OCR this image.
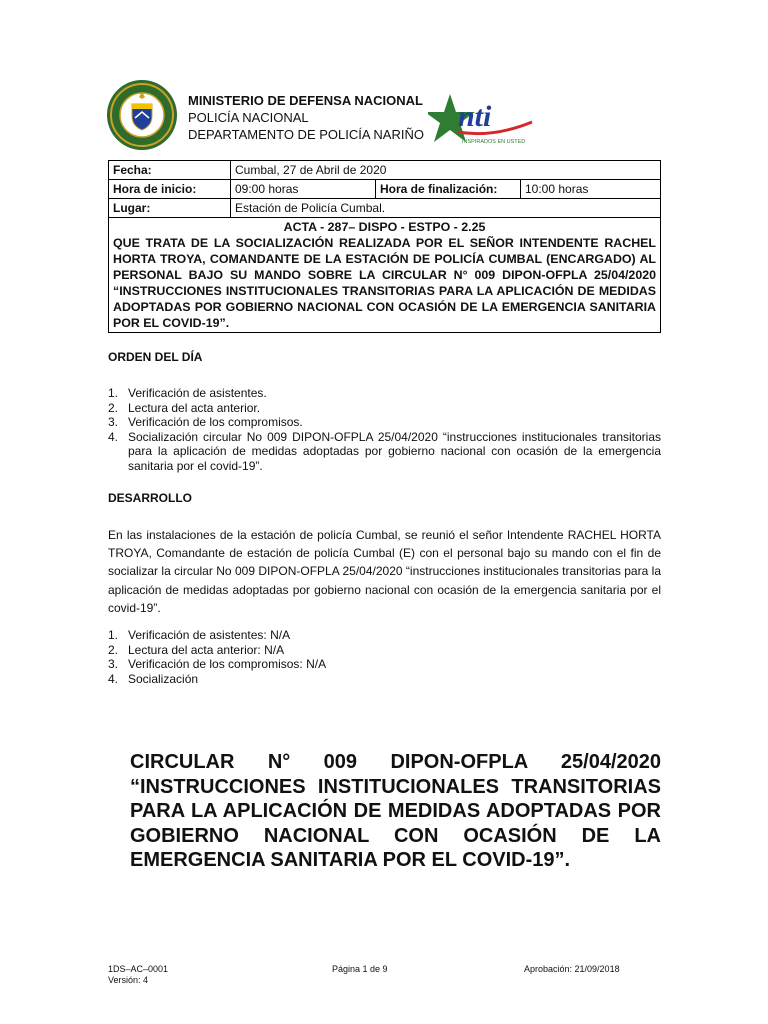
MINISTERIO DE DEFENSA NACIONAL
POLICÍA NACIONAL
DEPARTAMENTO DE POLICÍA NARIÑO
nti
INSPIRADOS EN USTED
Fecha:	Cumbal, 27 de Abril de 2020		
Hora de inicio:	09:00 horas	Hora de finalización:	10:00 horas
Lugar:	Estación de Policía Cumbal.		

ACTA - 287– DISPO - ESTPO - 2.25
QUE TRATA DE LA SOCIALIZACIÓN REALIZADA POR EL SEÑOR INTENDENTE RACHEL HORTA TROYA, COMANDANTE DE LA ESTACIÓN DE POLICÍA CUMBAL (ENCARGADO) AL PERSONAL BAJO SU MANDO SOBRE LA CIRCULAR N° 009 DIPON-OFPLA 25/04/2020 “INSTRUCCIONES INSTITUCIONALES TRANSITORIAS PARA LA APLICACIÓN DE MEDIDAS ADOPTADAS POR GOBIERNO NACIONAL CON OCASIÓN DE LA EMERGENCIA SANITARIA POR EL COVID-19”.			
ORDEN DEL DÍA
1. Verificación de asistentes.
2. Lectura del acta anterior.
3. Verificación de los compromisos.
4. Socialización circular No 009 DIPON-OFPLA 25/04/2020 “instrucciones institucionales transitorias para la aplicación de medidas adoptadas por gobierno nacional con ocasión de la emergencia sanitaria por el covid-19”.
DESARROLLO
En las instalaciones de la estación de policía Cumbal, se reunió el señor Intendente RACHEL HORTA TROYA, Comandante de estación de policía Cumbal (E) con el personal bajo su mando con el fin de socializar la circular No 009 DIPON-OFPLA 25/04/2020 “instrucciones institucionales transitorias para la aplicación de medidas adoptadas por gobierno nacional con ocasión de la emergencia sanitaria por el covid-19”.
1. Verificación de asistentes: N/A
2. Lectura del acta anterior: N/A
3. Verificación de los compromisos: N/A
4. Socialización
CIRCULAR N° 009 DIPON-OFPLA 25/04/2020 “INSTRUCCIONES INSTITUCIONALES TRANSITORIAS PARA LA APLICACIÓN DE MEDIDAS ADOPTADAS POR GOBIERNO NACIONAL CON OCASIÓN DE LA EMERGENCIA SANITARIA POR EL COVID-19”.
1DS–AC–0001
Versión: 4
Página 1 de 9	Aprobación: 21/09/2018
